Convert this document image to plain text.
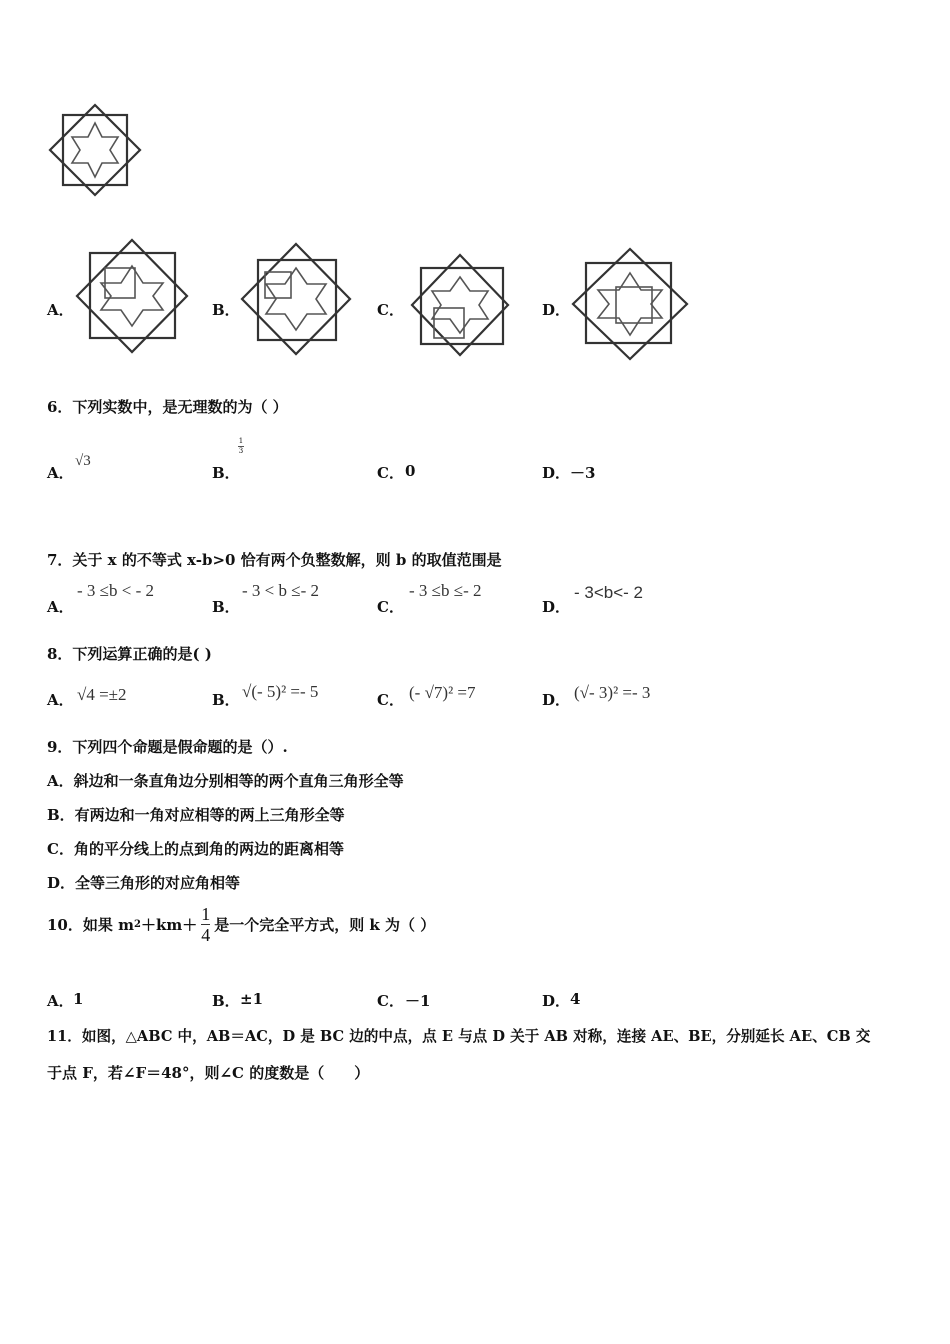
A．	B．	C．	D．
6．下列实数中，是无理数的为（ ）
A．
√3
B．
1
3
C． 0	D． －3
7．关于 x 的不等式 x-b>0 恰有两个负整数解，则 b 的取值范围是
A．
- 3 ≤b < - 2
B．
- 3 < b ≤- 2
C．
- 3 ≤b ≤- 2
D．
- 3<b<- 2
8．下列运算正确的是( )
A． √4 =±2	B． √(- 5)² =- 5	C． (- √7)² =7	D． (√- 3)² =- 3
9．下列四个命题是假命题的是（）.
A．斜边和一条直角边分别相等的两个直角三角形全等
B．有两边和一角对应相等的两上三角形全等
C．角的平分线上的点到角的两边的距离相等
D．全等三角形的对应角相等
10．如果 m $2 +km+ \frac{1}{4}$ 是一个完全平方式，则 k 为（ ）
A． 1	B． ±1	C． －1	D． 4
11．如图，△ABC 中，AB＝AC，D 是 BC 边的中点，点 E 与点 D 关于 AB 对称，连接 AE、BE，分别延长 AE、CB 交
于点 F，若∠F＝48°，则∠C 的度数是（　　）
